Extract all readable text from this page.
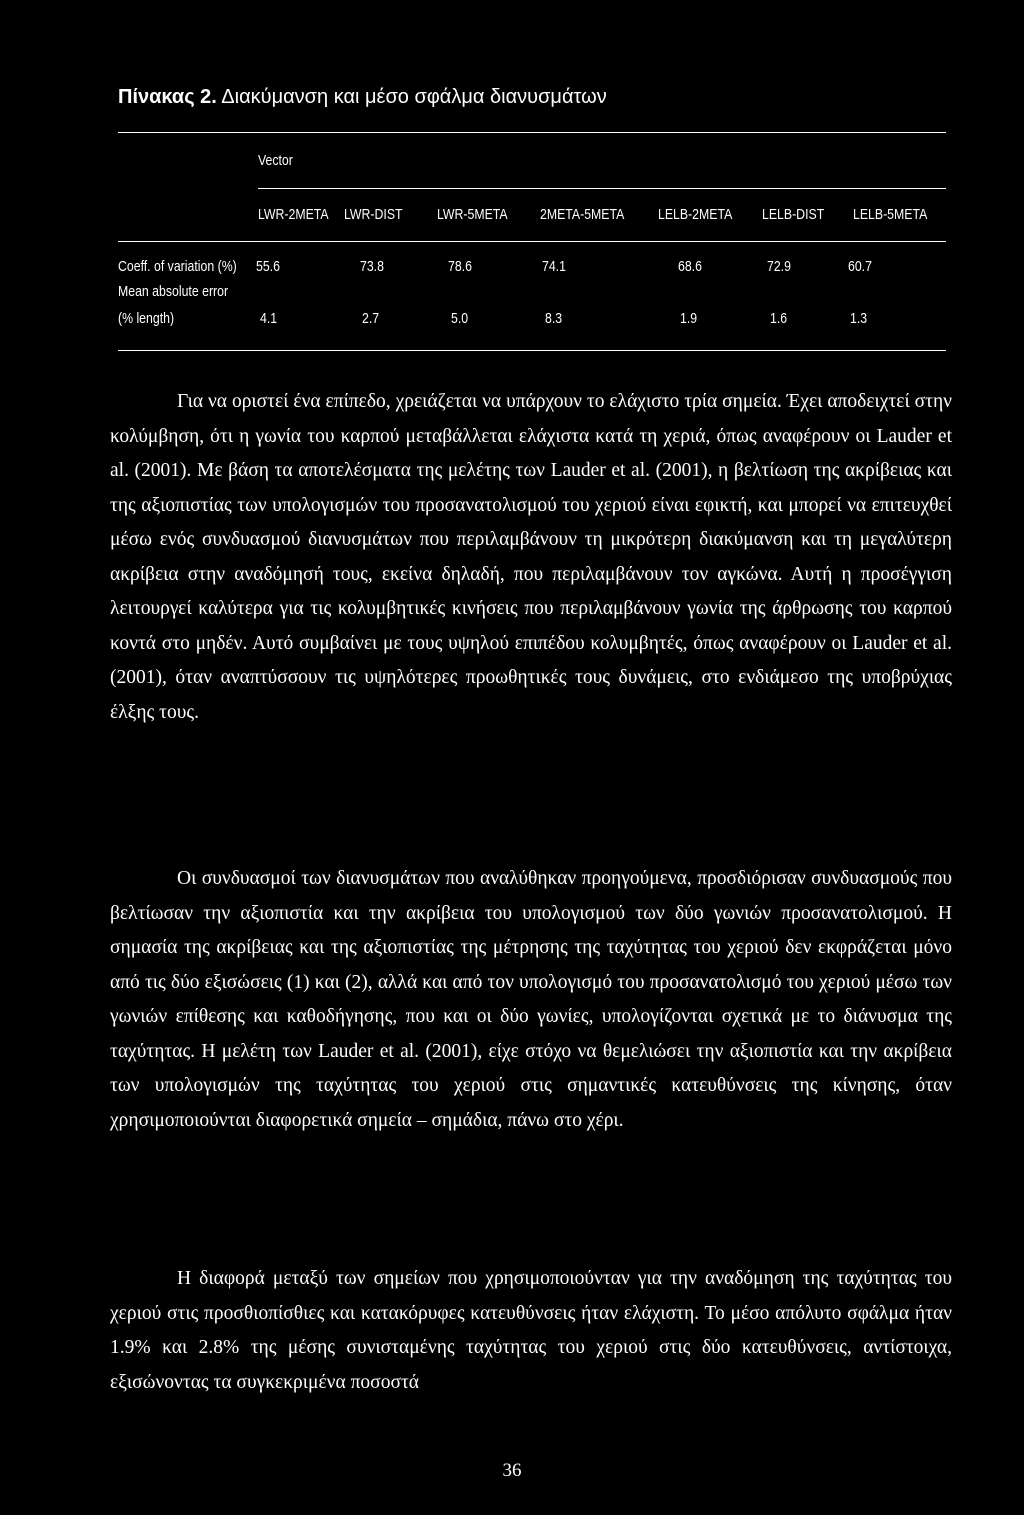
Πίνακας 2. Διακύμανση και μέσο σφάλμα διανυσμάτων
Vector
LWR-2META LWR-DIST LWR-5META 2META-5META LELB-2META LELB-DIST LELB-5META
Coeff. of variation (%) 55.6	73.8	78.6	74.1	68.6	72.9	60.7
Mean absolute error
(% length)	4.1	2.7	5.0	8.3	1.9	1.6	1.3

Για να οριστεί ένα επίπεδο, χρειάζεται να υπάρχουν το ελάχιστο τρία σημεία. Έχει αποδειχτεί στην κολύμβηση, ότι η γωνία του καρπού μεταβάλλεται ελάχιστα κατά τη χεριά, όπως αναφέρουν οι Lauder et al. (2001). Με βάση τα αποτελέσματα της μελέτης των Lauder et al. (2001), η βελτίωση της ακρίβειας και της αξιοπιστίας των υπολογισμών του προσανατολισμού του χεριού είναι εφικτή, και μπορεί να επιτευχθεί μέσω ενός συνδυασμού διανυσμάτων που περιλαμβάνουν τη μικρότερη διακύμανση και τη μεγαλύτερη ακρίβεια στην αναδόμησή τους, εκείνα δηλαδή, που περιλαμβάνουν τον αγκώνα. Αυτή η προσέγγιση λειτουργεί καλύτερα για τις κολυμβητικές κινήσεις που περιλαμβάνουν γωνία της άρθρωσης του καρπού κοντά στο μηδέν. Αυτό συμβαίνει με τους υψηλού επιπέδου κολυμβητές, όπως αναφέρουν οι Lauder et al. (2001), όταν αναπτύσσουν τις υψηλότερες προωθητικές τους δυνάμεις, στο ενδιάμεσο της υποβρύχιας έλξης τους.

Οι συνδυασμοί των διανυσμάτων που αναλύθηκαν προηγούμενα, προσδιόρισαν συνδυασμούς που βελτίωσαν την αξιοπιστία και την ακρίβεια του υπολογισμού των δύο γωνιών προσανατολισμού. Η σημασία της ακρίβειας και της αξιοπιστίας της μέτρησης της ταχύτητας του χεριού δεν εκφράζεται μόνο από τις δύο εξισώσεις (1) και (2), αλλά και από τον υπολογισμό του προσανατολισμό του χεριού μέσω των γωνιών επίθεσης και καθοδήγησης, που και οι δύο γωνίες, υπολογίζονται σχετικά με το διάνυσμα της ταχύτητας. Η μελέτη των Lauder et al. (2001), είχε στόχο να θεμελιώσει την αξιοπιστία και την ακρίβεια των υπολογισμών της ταχύτητας του χεριού στις σημαντικές κατευθύνσεις της κίνησης, όταν χρησιμοποιούνται διαφορετικά σημεία – σημάδια, πάνω στο χέρι.

Η διαφορά μεταξύ των σημείων που χρησιμοποιούνταν για την αναδόμηση της ταχύτητας του χεριού στις προσθιοπίσθιες και κατακόρυφες κατευθύνσεις ήταν ελάχιστη. Το μέσο απόλυτο σφάλμα ήταν 1.9% και 2.8% της μέσης συνισταμένης ταχύτητας του χεριού στις δύο κατευθύνσεις, αντίστοιχα, εξισώνοντας τα συγκεκριμένα ποσοστά

36
